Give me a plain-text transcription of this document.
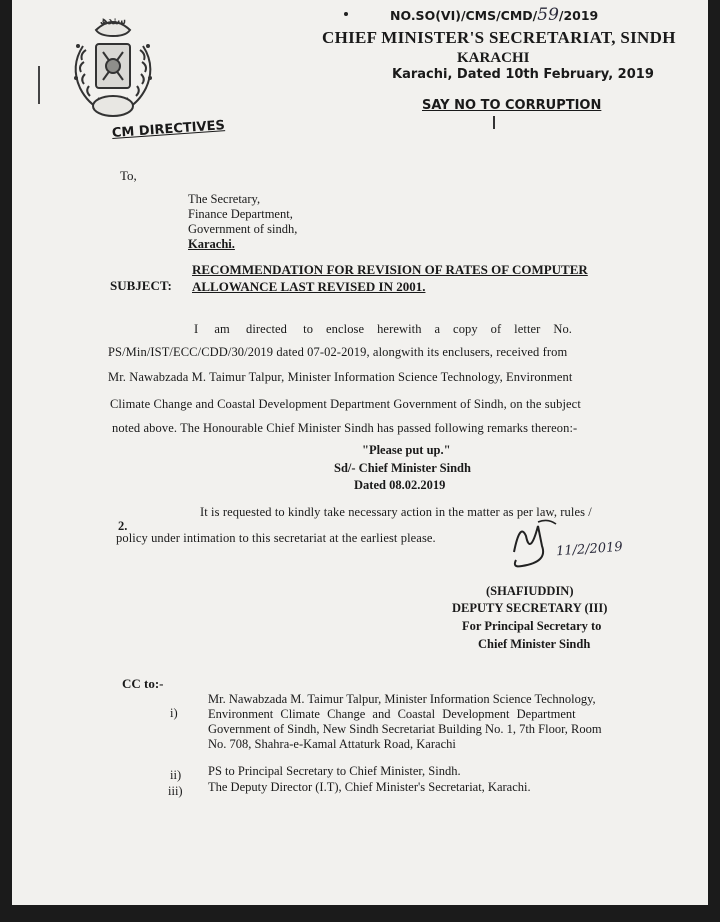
سندھ	NO.SO(VI)/CMS/CMD/59/2019
CHIEF MINISTER'S SECRETARIAT, SINDH
KARACHI
Karachi, Dated 10th February, 2019
SAY NO TO CORRUPTION
CM DIRECTIVES
To,
The Secretary,
Finance Department,
Government of sindh,
Karachi.
SUBJECT:
RECOMMENDATION FOR REVISION OF RATES OF COMPUTER
ALLOWANCE LAST REVISED IN 2001.
I     am     directed     to    enclose    herewith    a    copy    of    letter    No.
PS/Min/IST/ECC/CDD/30/2019 dated 07-02-2019, alongwith its enclusers, received from
Mr. Nawabzada M. Taimur Talpur, Minister Information Science Technology, Environment
Climate Change and Coastal Development Department Government of Sindh, on the subject
noted above. The Honourable Chief Minister Sindh has passed following remarks thereon:-
"Please put up."
Sd/- Chief Minister Sindh
Dated 08.02.2019
2.
It is requested to kindly take necessary action in the matter as per law, rules /
policy under intimation to this secretariat at the earliest please.
11/2/2019
(SHAFIUDDIN)
DEPUTY SECRETARY (III)
For Principal Secretary to
Chief Minister Sindh
CC to:-
i)
Mr. Nawabzada M. Taimur Talpur, Minister Information Science Technology,
Environment Climate Change and Coastal Development Department
Government of Sindh, New Sindh Secretariat Building No. 1, 7th Floor, Room
No. 708, Shahra-e-Kamal Attaturk Road, Karachi
ii) PS to Principal Secretary to Chief Minister, Sindh.
iii) The Deputy Director (I.T), Chief Minister's Secretariat, Karachi.
